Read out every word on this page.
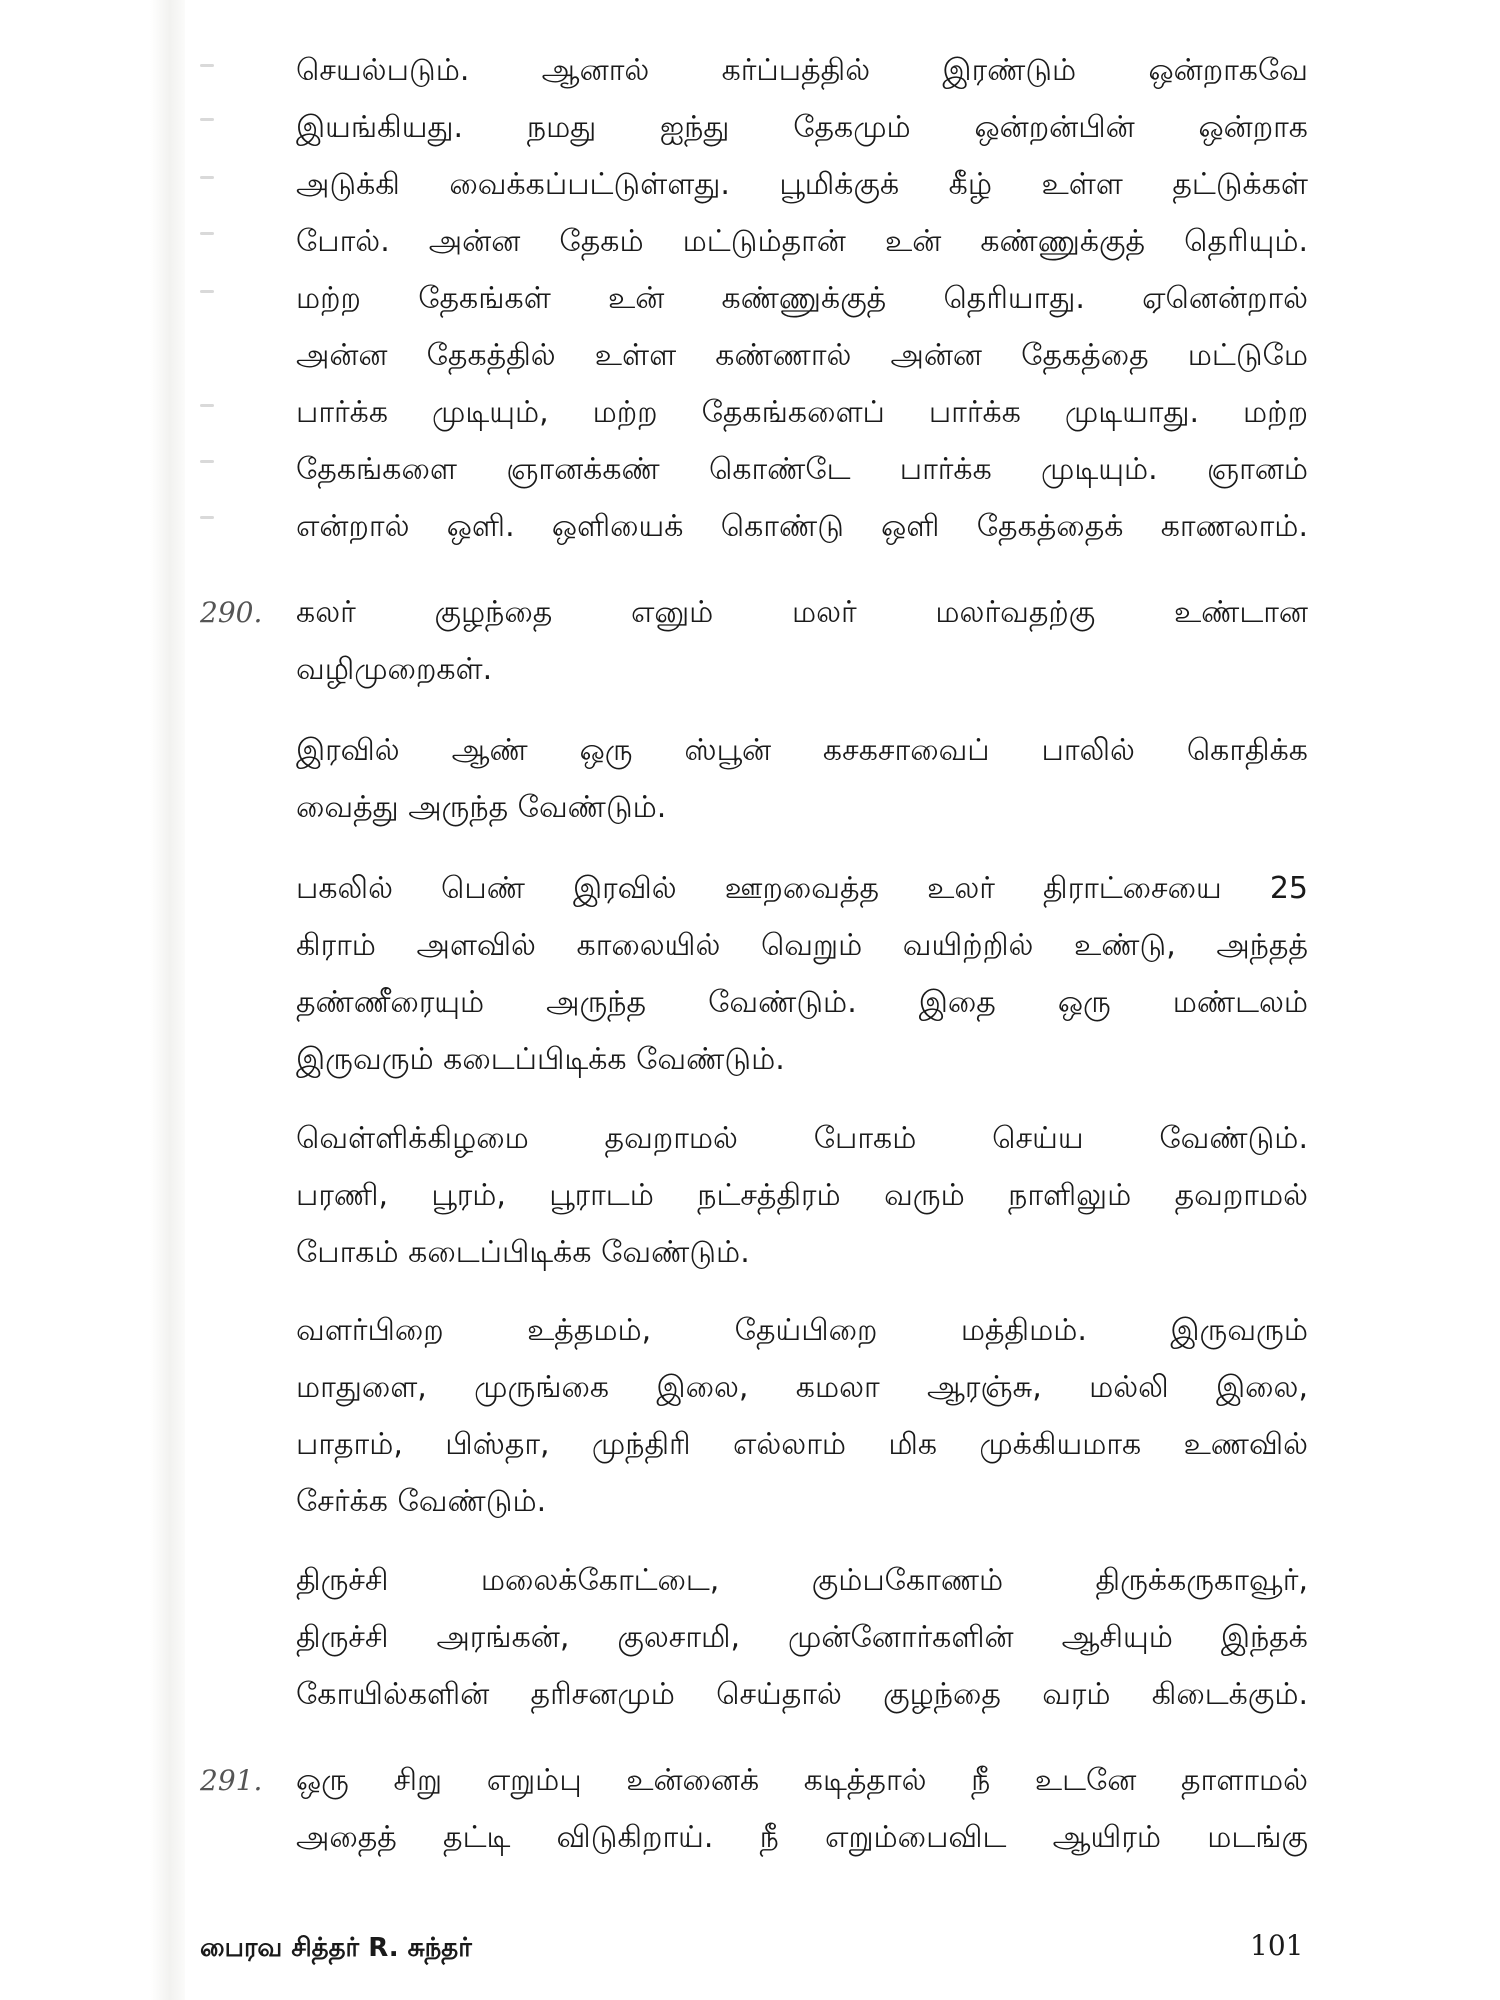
செயல்படும். ஆனால் கர்ப்பத்தில் இரண்டும் ஒன்றாகவே
இயங்கியது. நமது ஐந்து தேகமும் ஒன்றன்பின் ஒன்றாக
அடுக்கி வைக்கப்பட்டுள்ளது. பூமிக்குக் கீழ் உள்ள தட்டுக்கள்
போல். அன்ன தேகம் மட்டும்தான் உன் கண்ணுக்குத் தெரியும்.
மற்ற தேகங்கள் உன் கண்ணுக்குத் தெரியாது. ஏனென்றால்
அன்ன தேகத்தில் உள்ள கண்ணால் அன்ன தேகத்தை மட்டுமே
பார்க்க முடியும், மற்ற தேகங்களைப் பார்க்க முடியாது. மற்ற
தேகங்களை ஞானக்கண் கொண்டே பார்க்க முடியும். ஞானம்
என்றால் ஒளி. ஒளியைக் கொண்டு ஒளி தேகத்தைக் காணலாம்.
290.	கலர் குழந்தை எனும் மலர் மலர்வதற்கு உண்டான
வழிமுறைகள்.
இரவில் ஆண் ஒரு ஸ்பூன் கசகசாவைப் பாலில் கொதிக்க
வைத்து அருந்த வேண்டும்.
பகலில் பெண் இரவில் ஊறவைத்த உலர் திராட்சையை 25
கிராம் அளவில் காலையில் வெறும் வயிற்றில் உண்டு, அந்தத்
தண்ணீரையும் அருந்த வேண்டும். இதை ஒரு மண்டலம்
இருவரும் கடைப்பிடிக்க வேண்டும்.
வெள்ளிக்கிழமை தவறாமல் போகம் செய்ய வேண்டும்.
பரணி, பூரம், பூராடம் நட்சத்திரம் வரும் நாளிலும் தவறாமல்
போகம் கடைப்பிடிக்க வேண்டும்.
வளர்பிறை உத்தமம், தேய்பிறை மத்திமம். இருவரும்
மாதுளை, முருங்கை இலை, கமலா ஆரஞ்சு, மல்லி இலை,
பாதாம், பிஸ்தா, முந்திரி எல்லாம் மிக முக்கியமாக உணவில்
சேர்க்க வேண்டும்.
திருச்சி மலைக்கோட்டை, கும்பகோணம் திருக்கருகாவூர்,
திருச்சி அரங்கன், குலசாமி, முன்னோர்களின் ஆசியும் இந்தக்
கோயில்களின் தரிசனமும் செய்தால் குழந்தை வரம் கிடைக்கும்.
291.	ஒரு சிறு எறும்பு உன்னைக் கடித்தால் நீ உடனே தாளாமல்
அதைத் தட்டி விடுகிறாய். நீ எறும்பைவிட ஆயிரம் மடங்கு
பைரவ சித்தர் R. சுந்தர்	101
